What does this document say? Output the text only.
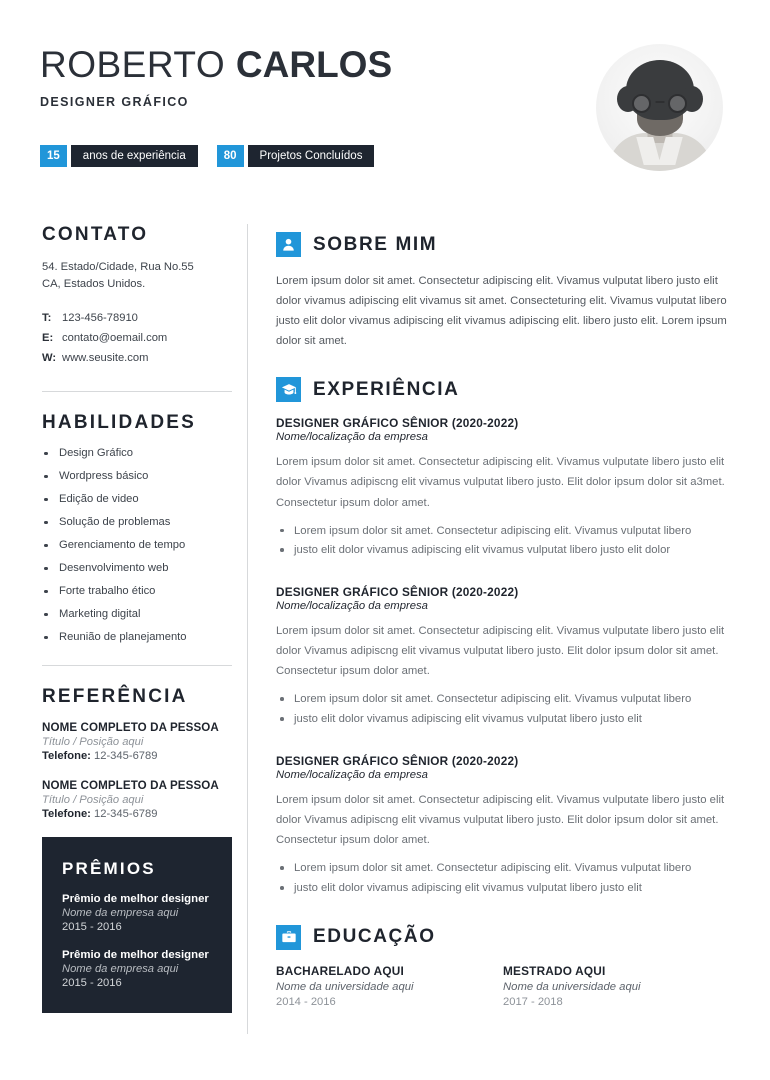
ROBERTO CARLOS
DESIGNER GRÁFICO
15	anos de experiência	80	Projetos Concluídos
CONTATO
54. Estado/Cidade, Rua No.55
CA, Estados Unidos.
T: 123-456-78910
E: contato@oemail.com
W: www.seusite.com
HABILIDADES
Design Gráfico
Wordpress básico
Edição de video
Solução de problemas
Gerenciamento de tempo
Desenvolvimento web
Forte trabalho ético
Marketing digital
Reunião de planejamento
REFERÊNCIA
NOME COMPLETO DA PESSOA
Título / Posição aqui
Telefone: 12-345-6789
NOME COMPLETO DA PESSOA
Título / Posição aqui
Telefone: 12-345-6789
PRÊMIOS
Prêmio de melhor designer
Nome da empresa aqui
2015 - 2016
Prêmio de melhor designer
Nome da empresa aqui
2015 - 2016
SOBRE MIM
Lorem ipsum dolor sit amet. Consectetur adipiscing elit. Vivamus vulputat libero justo elit dolor vivamus adipiscing elit vivamus sit amet. Consecteturing elit. Vivamus vulputat libero justo elit dolor vivamus adipiscing elit vivamus adipiscing elit. libero justo elit. Lorem ipsum dolor sit amet.
EXPERIÊNCIA
DESIGNER GRÁFICO SÊNIOR (2020-2022)
Nome/localização da empresa
Lorem ipsum dolor sit amet. Consectetur adipiscing elit. Vivamus vulputate libero justo elit dolor Vivamus adipiscng elit vivamus vulputat libero justo. Elit dolor ipsum dolor sit a3met. Consectetur ipsum dolor amet.
Lorem ipsum dolor sit amet. Consectetur adipiscing elit. Vivamus vulputat libero
justo elit dolor vivamus adipiscing elit vivamus vulputat libero justo elit dolor
DESIGNER GRÁFICO SÊNIOR (2020-2022)
Nome/localização da empresa
Lorem ipsum dolor sit amet. Consectetur adipiscing elit. Vivamus vulputate libero justo elit dolor Vivamus adipiscng elit vivamus vulputat libero justo. Elit dolor ipsum dolor sit amet. Consectetur ipsum dolor amet.
Lorem ipsum dolor sit amet. Consectetur adipiscing elit. Vivamus vulputat libero
justo elit dolor vivamus adipiscing elit vivamus vulputat libero justo elit
DESIGNER GRÁFICO SÊNIOR (2020-2022)
Nome/localização da empresa
Lorem ipsum dolor sit amet. Consectetur adipiscing elit. Vivamus vulputate libero justo elit dolor Vivamus adipiscng elit vivamus vulputat libero justo. Elit dolor ipsum dolor sit amet. Consectetur ipsum dolor amet.
Lorem ipsum dolor sit amet. Consectetur adipiscing elit. Vivamus vulputat libero
justo elit dolor vivamus adipiscing elit vivamus vulputat libero justo elit
EDUCAÇÃO
BACHARELADO AQUI
Nome da universidade aqui
2014 - 2016
MESTRADO AQUI
Nome da universidade aqui
2017 - 2018
